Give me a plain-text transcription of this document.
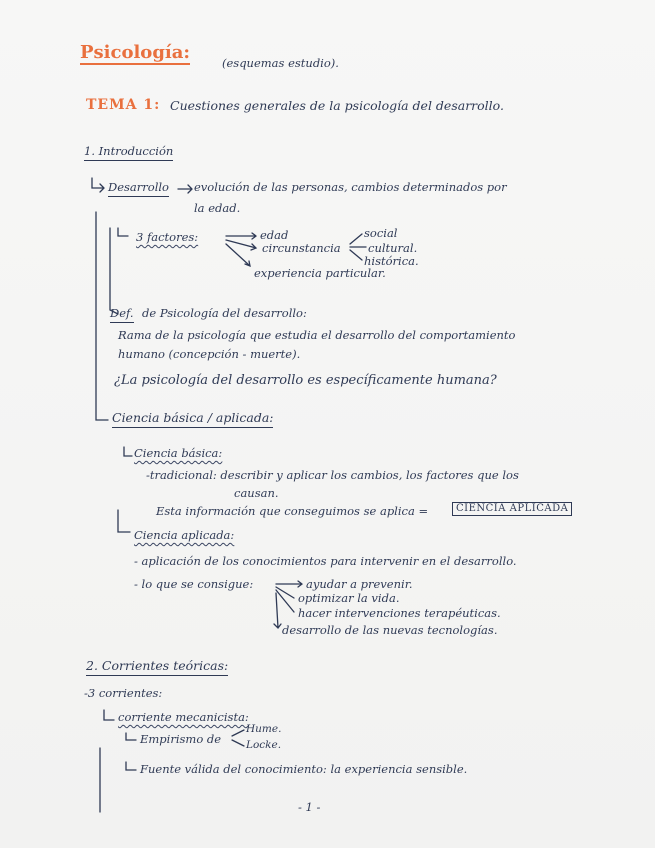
Psicología:	(esquemas estudio).
TEMA 1: Cuestiones generales de la psicología del desarrollo.
1. Introducción
Desarrollo evolución de las personas, cambios determinados por
la edad.
3 factores:	edad
circunstancia
experiencia particular.
social
cultural.
histórica.
Def. de Psicología del desarrollo:
Rama de la psicología que estudia el desarrollo del comportamiento
humano (concepción - muerte).
¿La psicología del desarrollo es específicamente humana?
Ciencia básica / aplicada:
Ciencia básica:
-tradicional: describir y aplicar los cambios, los factores que los
causan.
Esta información que conseguimos se aplica =	CIENCIA APLICADA
Ciencia aplicada:
- aplicación de los conocimientos para intervenir en el desarrollo.
- lo que se consigue:	ayudar a prevenir.
optimizar la vida.
hacer intervenciones terapéuticas.
desarrollo de las nuevas tecnologías.
2. Corrientes teóricas:
-3 corrientes:
corriente mecanicista:
Empirismo de
Hume.
Locke.
Fuente válida del conocimiento: la experiencia sensible.
- 1 -
